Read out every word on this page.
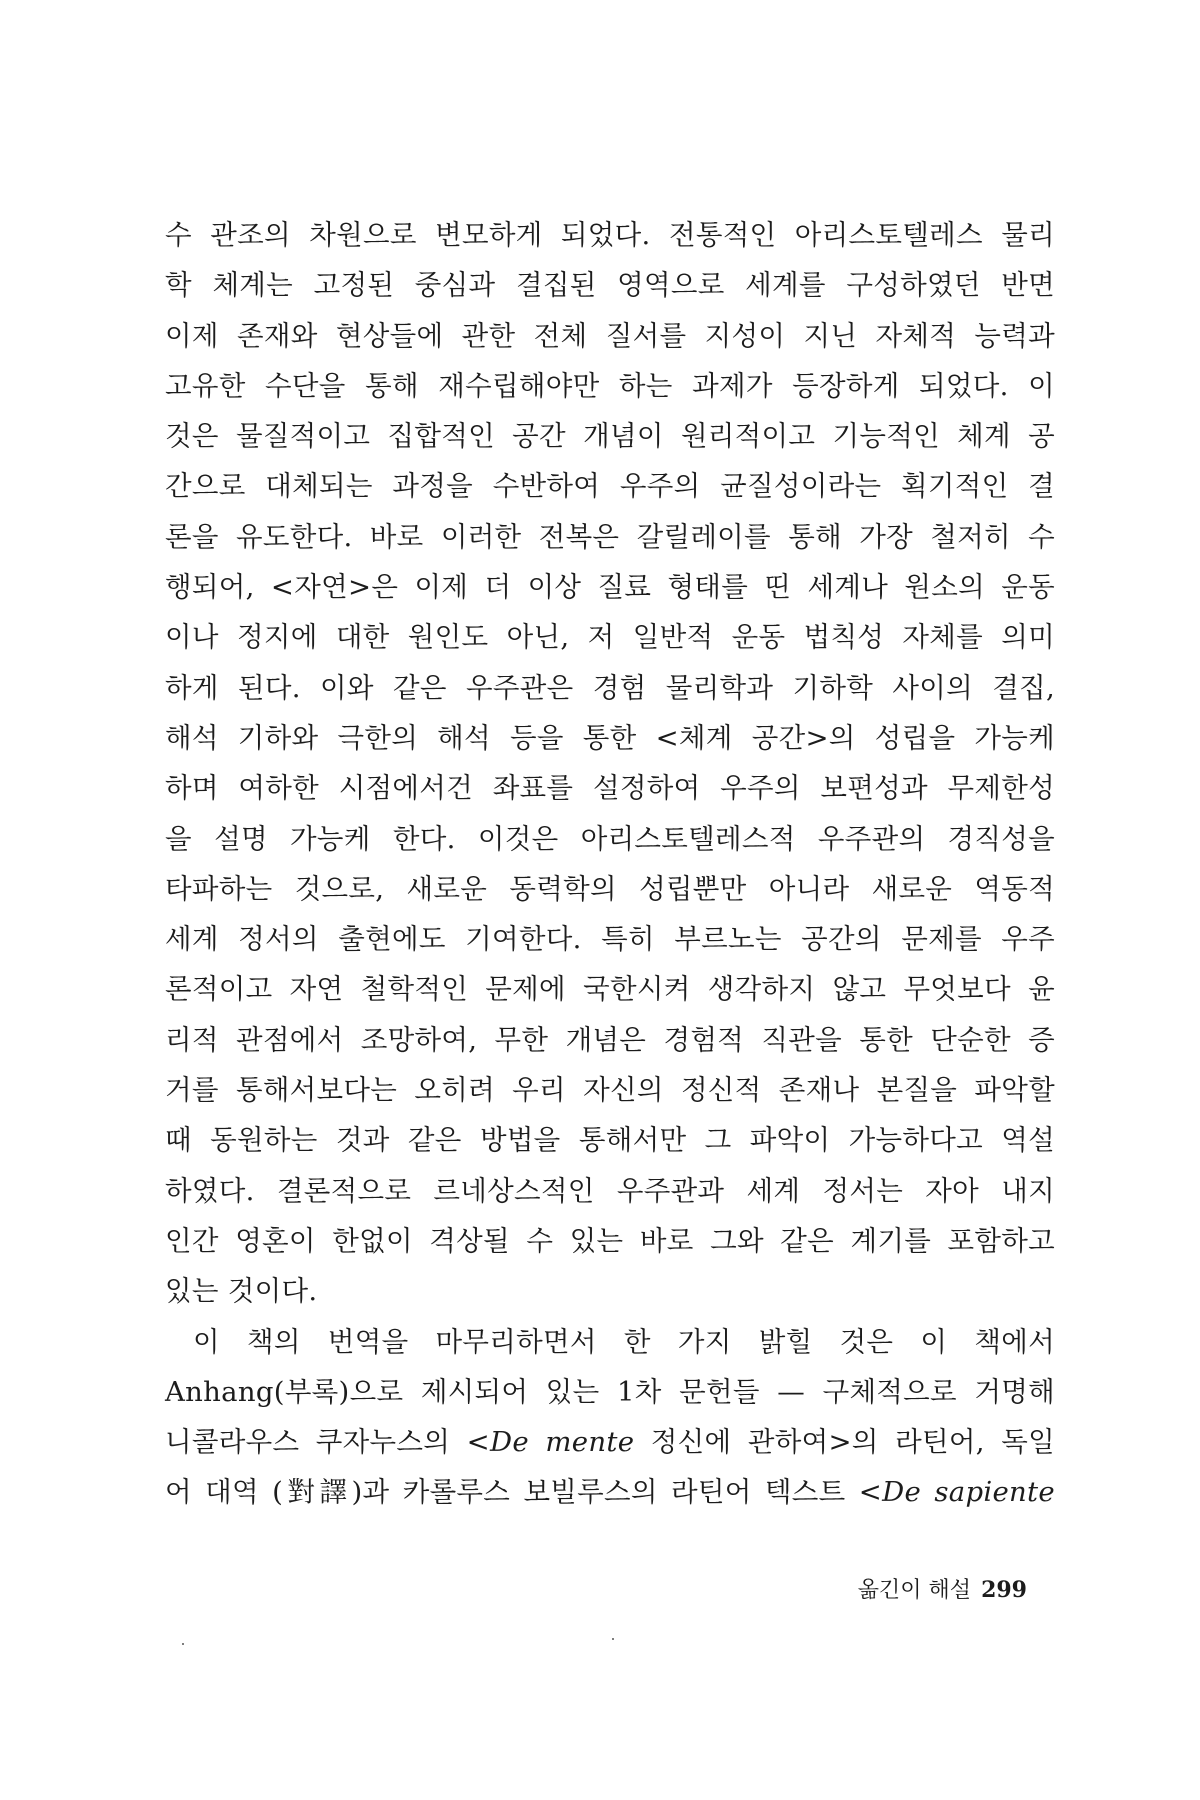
수 관조의 차원으로 변모하게 되었다. 전통적인 아리스토텔레스 물리
학 체계는 고정된 중심과 결집된 영역으로 세계를 구성하였던 반면
이제 존재와 현상들에 관한 전체 질서를 지성이 지닌 자체적 능력과
고유한 수단을 통해 재수립해야만 하는 과제가 등장하게 되었다. 이
것은 물질적이고 집합적인 공간 개념이 원리적이고 기능적인 체계 공
간으로 대체되는 과정을 수반하여 우주의 균질성이라는 획기적인 결
론을 유도한다. 바로 이러한 전복은 갈릴레이를 통해 가장 철저히 수
행되어, <자연>은 이제 더 이상 질료 형태를 띤 세계나 원소의 운동
이나 정지에 대한 원인도 아닌, 저 일반적 운동 법칙성 자체를 의미
하게 된다. 이와 같은 우주관은 경험 물리학과 기하학 사이의 결집,
해석 기하와 극한의 해석 등을 통한 <체계 공간>의 성립을 가능케
하며 여하한 시점에서건 좌표를 설정하여 우주의 보편성과 무제한성
을 설명 가능케 한다. 이것은 아리스토텔레스적 우주관의 경직성을
타파하는 것으로, 새로운 동력학의 성립뿐만 아니라 새로운 역동적
세계 정서의 출현에도 기여한다. 특히 부르노는 공간의 문제를 우주
론적이고 자연 철학적인 문제에 국한시켜 생각하지 않고 무엇보다 윤
리적 관점에서 조망하여, 무한 개념은 경험적 직관을 통한 단순한 증
거를 통해서보다는 오히려 우리 자신의 정신적 존재나 본질을 파악할
때 동원하는 것과 같은 방법을 통해서만 그 파악이 가능하다고 역설
하였다. 결론적으로 르네상스적인 우주관과 세계 정서는 자아 내지
인간 영혼이 한없이 격상될 수 있는 바로 그와 같은 계기를 포함하고
있는 것이다.
이 책의 번역을 마무리하면서 한 가지 밝힐 것은 이 책에서
Anhang(부록)으로 제시되어 있는 1차 문헌들 — 구체적으로 거명해
니콜라우스 쿠자누스의 <De mente 정신에 관하여>의 라틴어, 독일
어 대역 (對譯)과 카롤루스 보빌루스의 라틴어 텍스트 <De sapiente
옮긴이 해설 299
